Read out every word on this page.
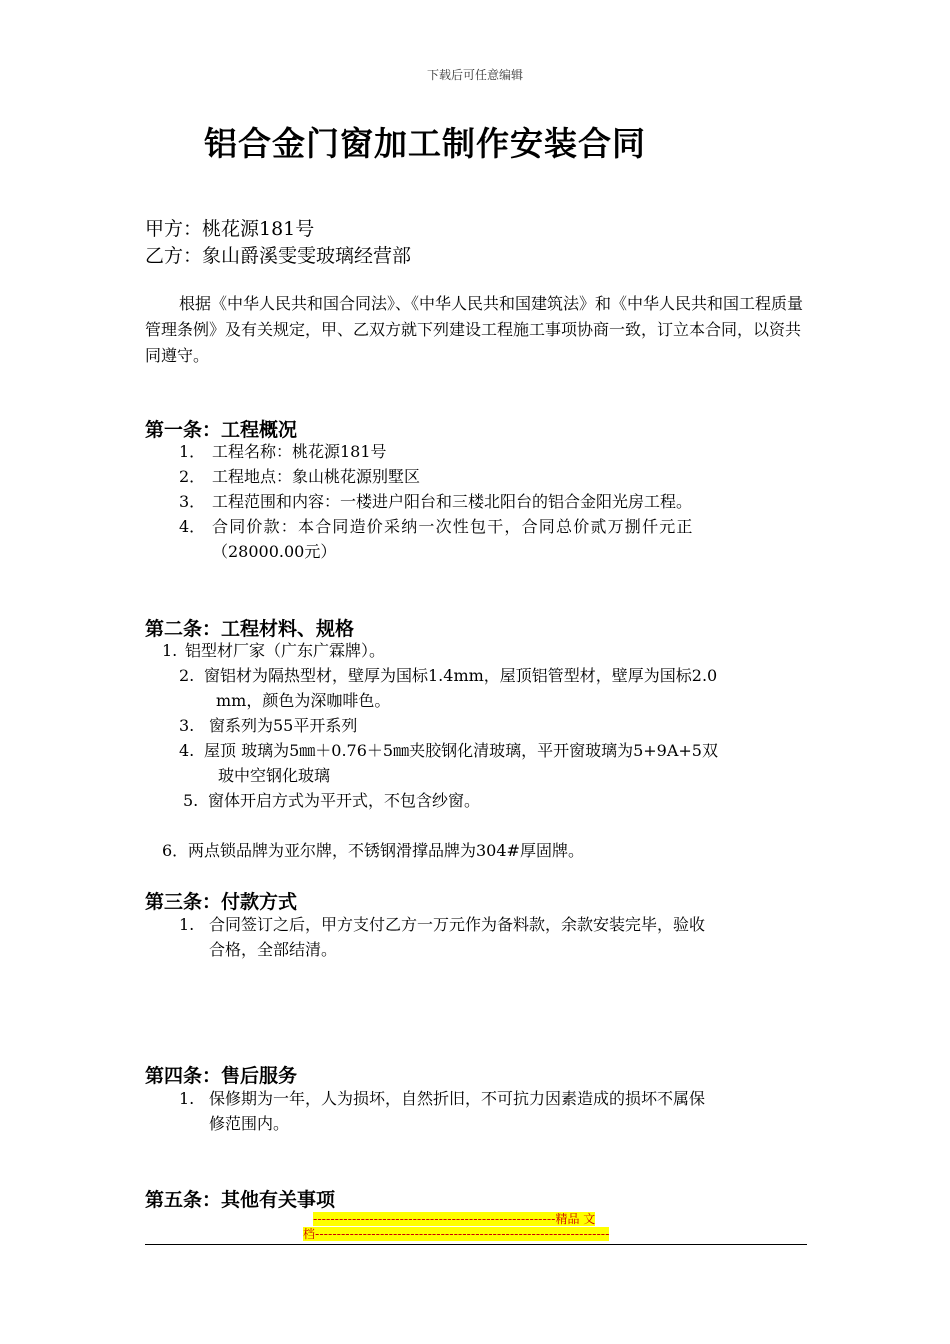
下载后可任意编辑
铝合金门窗加工制作安装合同
甲方：桃花源181号
乙方：象山爵溪雯雯玻璃经营部
根据《中华人民共和国合同法》、《中华人民共和国建筑法》和《中华人民共和国工程质量管理条例》及有关规定，甲、乙双方就下列建设工程施工事项协商一致，订立本合同，以资共同遵守。
第一条：工程概况
1． 工程名称：桃花源181号
2． 工程地点：象山桃花源别墅区
3． 工程范围和内容：一楼进户阳台和三楼北阳台的铝合金阳光房工程。
4． 合同价款：本合同造价采纳一次性包干，合同总价贰万捌仟元正
（28000.00元）
第二条：工程材料、规格
1. 铝型材厂家（广东广霖牌）。
2. 窗铝材为隔热型材，壁厚为国标1.4mm，屋顶铝管型材，壁厚为国标2.0
mm，颜色为深咖啡色。
3. 窗系列为55平开系列
4. 屋顶 玻璃为5㎜＋0.76＋5㎜夹胶钢化清玻璃，平开窗玻璃为5+9A+5双
玻中空钢化玻璃
5. 窗体开启方式为平开式，不包含纱窗。
6．两点锁品牌为亚尔牌，不锈钢滑撑品牌为304#厚固牌。
第三条：付款方式
1. 合同签订之后，甲方支付乙方一万元作为备料款，余款安装完毕，验收
合格，全部结清。
第四条：售后服务
1. 保修期为一年，人为损坏，自然折旧，不可抗力因素造成的损坏不属保
修范围内。
第五条：其他有关事项
--------------------------------------------------------精品 文
档--------------------------------------------------------------------
